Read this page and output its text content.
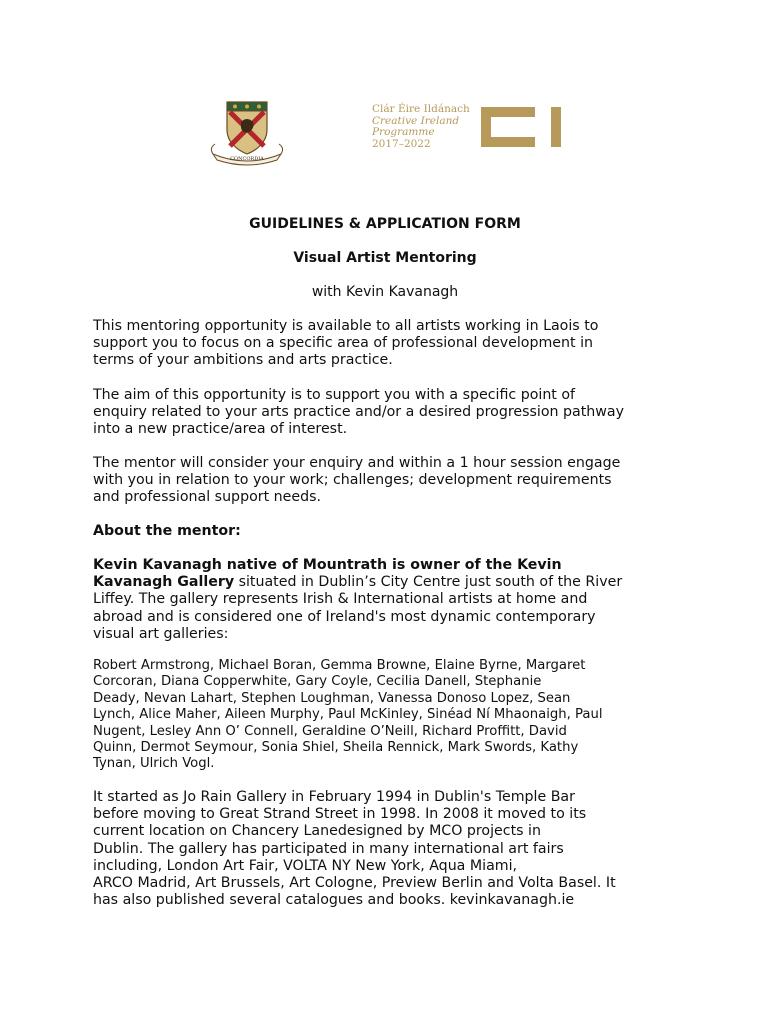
CONCORDIA
Clár Éire Ildánach
Creative Ireland
Programme
2017–2022
GUIDELINES & APPLICATION FORM
Visual Artist Mentoring
with Kevin Kavanagh

This mentoring opportunity is available to all artists working in Laois to
support you to focus on a specific area of professional development in
terms of your ambitions and arts practice.

The aim of this opportunity is to support you with a specific point of
enquiry related to your arts practice and/or a desired progression pathway
into a new practice/area of interest.

The mentor will consider your enquiry and within a 1 hour session engage
with you in relation to your work; challenges; development requirements
and professional support needs.

About the mentor:

Kevin Kavanagh native of Mountrath is owner of the Kevin
Kavanagh Gallery situated in Dublin’s City Centre just south of the River
Liffey. The gallery represents Irish & International artists at home and
abroad and is considered one of Ireland's most dynamic contemporary
visual art galleries:

Robert Armstrong, Michael Boran, Gemma Browne, Elaine Byrne, Margaret
Corcoran, Diana Copperwhite, Gary Coyle, Cecilia Danell, Stephanie
Deady, Nevan Lahart, Stephen Loughman, Vanessa Donoso Lopez, Sean
Lynch, Alice Maher, Aileen Murphy, Paul McKinley, Sinéad Ní Mhaonaigh, Paul
Nugent, Lesley Ann O’ Connell, Geraldine O’Neill, Richard Proffitt, David
Quinn, Dermot Seymour, Sonia Shiel, Sheila Rennick, Mark Swords, Kathy
Tynan, Ulrich Vogl.

It started as Jo Rain Gallery in February 1994 in Dublin's Temple Bar
before moving to Great Strand Street in 1998. In 2008 it moved to its
current location on Chancery Lanedesigned by MCO projects in
Dublin. The gallery has participated in many international art fairs
including, London Art Fair, VOLTA NY New York, Aqua Miami,
ARCO Madrid, Art Brussels, Art Cologne, Preview Berlin and Volta Basel. It
has also published several catalogues and books. kevinkavanagh.ie
